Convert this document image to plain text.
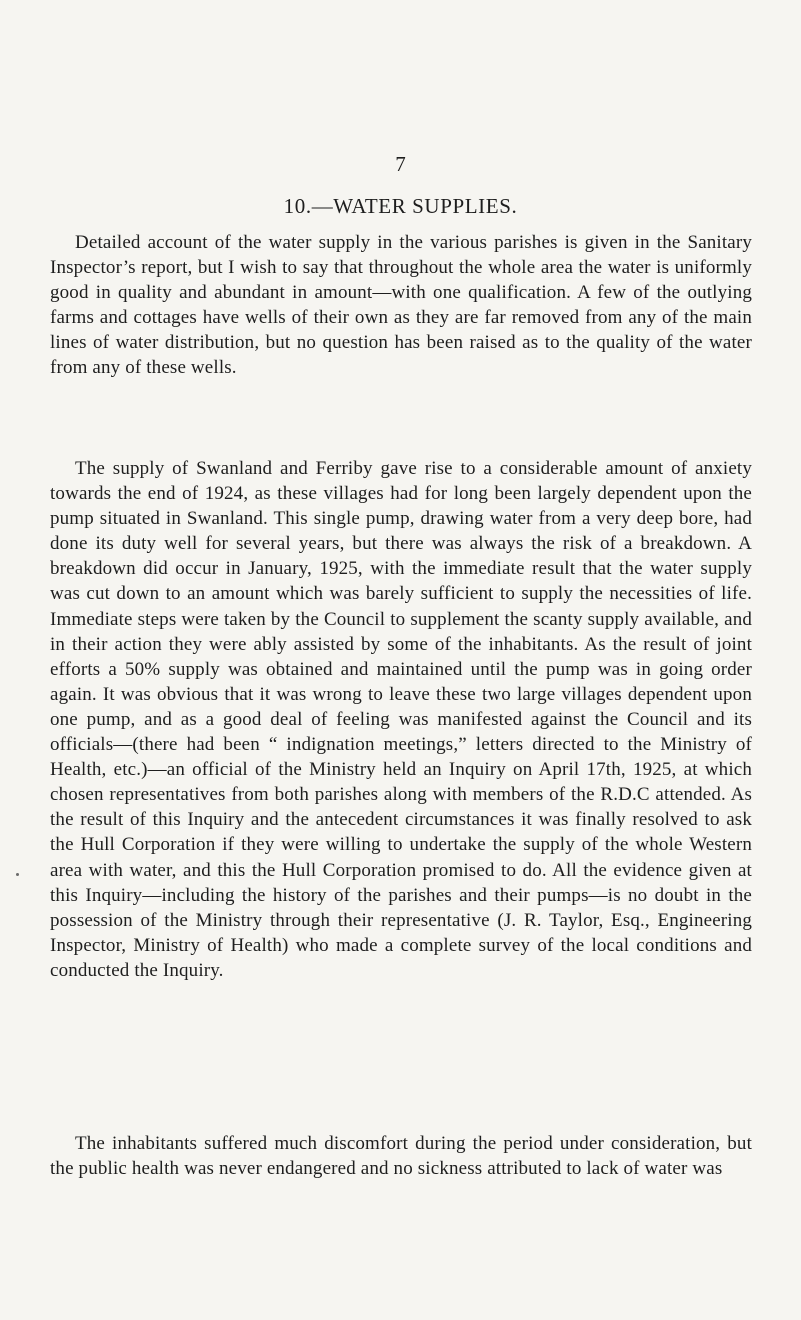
7
10.—WATER SUPPLIES.

Detailed account of the water supply in the various parishes is given in the Sanitary Inspector’s report, but I wish to say that throughout the whole area the water is uniformly good in quality and abundant in amount—with one qualification. A few of the outlying farms and cottages have wells of their own as they are far removed from any of the main lines of water distribution, but no question has been raised as to the quality of the water from any of these wells.

The supply of Swanland and Ferriby gave rise to a considerable amount of anxiety towards the end of 1924, as these villages had for long been largely dependent upon the pump situated in Swanland. This single pump, drawing water from a very deep bore, had done its duty well for several years, but there was always the risk of a breakdown. A breakdown did occur in January, 1925, with the immediate result that the water supply was cut down to an amount which was barely sufficient to supply the necessities of life. Immediate steps were taken by the Council to supplement the scanty supply available, and in their action they were ably assisted by some of the inhabitants. As the result of joint efforts a 50% supply was obtained and maintained until the pump was in going order again. It was obvious that it was wrong to leave these two large villages dependent upon one pump, and as a good deal of feeling was manifested against the Council and its officials—(there had been “ indignation meetings,” letters directed to the Ministry of Health, etc.)—an official of the Ministry held an Inquiry on April 17th, 1925, at which chosen representatives from both parishes along with members of the R.D.C attended. As the result of this Inquiry and the antecedent circumstances it was finally resolved to ask the Hull Corporation if they were willing to undertake the supply of the whole Western area with water, and this the Hull Corporation promised to do. All the evidence given at this Inquiry—including the history of the parishes and their pumps—is no doubt in the possession of the Ministry through their representative (J. R. Taylor, Esq., Engineering Inspector, Ministry of Health) who made a complete survey of the local conditions and conducted the Inquiry.

The inhabitants suffered much discomfort during the period under consideration, but the public health was never endangered and no sickness attributed to lack of water was
